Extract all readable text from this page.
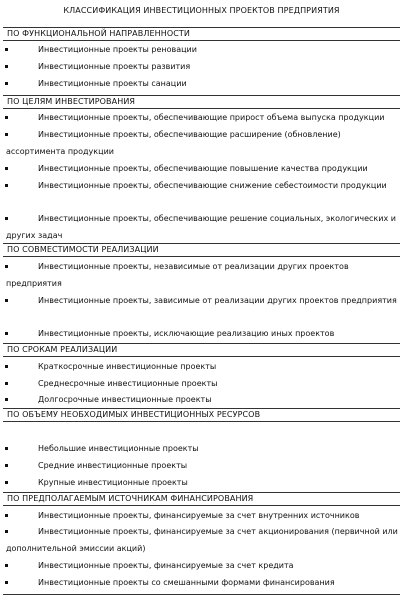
КЛАССИФИКАЦИЯ ИНВЕСТИЦИОННЫХ ПРОЕКТОВ ПРЕДПРИЯТИЯ
ПО ФУНКЦИОНАЛЬНОЙ НАПРАВЛЕННОСТИ
Инвестиционные проекты реновации
Инвестиционные проекты развития
Инвестиционные проекты санации
ПО ЦЕЛЯМ ИНВЕСТИРОВАНИЯ
Инвестиционные проекты, обеспечивающие прирост объема выпуска продукции
Инвестиционные проекты, обеспечивающие расширение (обновление) ассортимента продукции
Инвестиционные проекты, обеспечивающие повышение качества продукции
Инвестиционные проекты, обеспечивающие снижение себестоимости продукции
Инвестиционные проекты, обеспечивающие решение социальных, экологических и других задач
ПО СОВМЕСТИМОСТИ РЕАЛИЗАЦИИ
Инвестиционные проекты, независимые от реализации других проектов предприятия
Инвестиционные проекты, зависимые от реализации других проектов предприятия
Инвестиционные проекты, исключающие реализацию иных проектов
ПО СРОКАМ РЕАЛИЗАЦИИ
Краткосрочные инвестиционные проекты
Среднесрочные инвестиционные проекты
Долгосрочные инвестиционные проекты
ПО ОБЪЕМУ НЕОБХОДИМЫХ ИНВЕСТИЦИОННЫХ РЕСУРСОВ
Небольшие инвестиционные проекты
Средние инвестиционные проекты
Крупные инвестиционные проекты
ПО ПРЕДПОЛАГАЕМЫМ ИСТОЧНИКАМ ФИНАНСИРОВАНИЯ
Инвестиционные проекты, финансируемые за счет внутренних источников
Инвестиционные проекты, финансируемые за счет акционирования (первичной или дополнительной эмиссии акций)
Инвестиционные проекты, финансируемые за счет кредита
Инвестиционные проекты со смешанными формами финансирования
